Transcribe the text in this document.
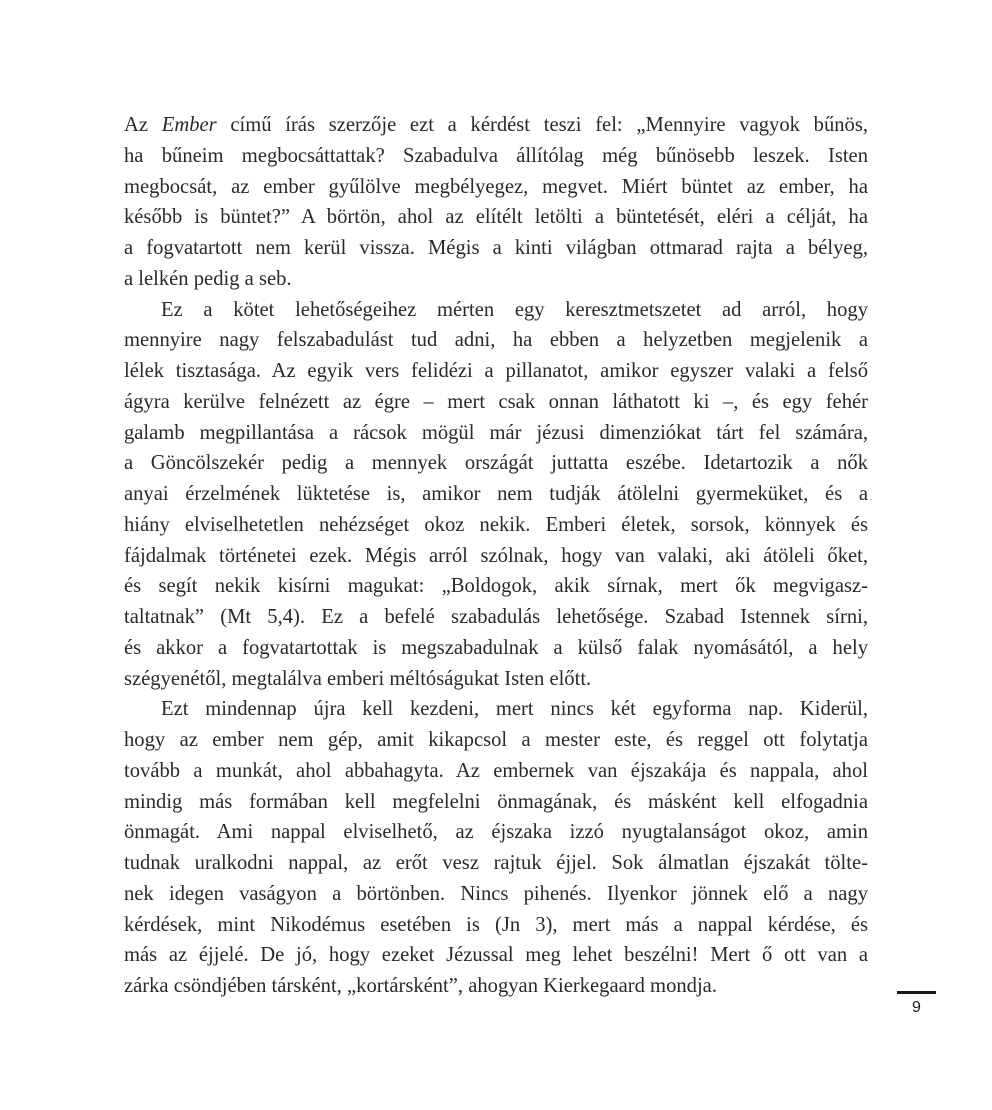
Az Ember című írás szerzője ezt a kérdést teszi fel: „Mennyire vagyok bűnös,
ha bűneim megbocsáttattak? Szabadulva állítólag még bűnösebb leszek. Isten
megbocsát, az ember gyűlölve megbélyegez, megvet. Miért büntet az ember, ha
később is büntet?” A börtön, ahol az elítélt letölti a büntetését, eléri a célját, ha
a fogvatartott nem kerül vissza. Mégis a kinti világban ottmarad rajta a bélyeg,
a lelkén pedig a seb.
Ez a kötet lehetőségeihez mérten egy keresztmetszetet ad arról, hogy
mennyire nagy felszabadulást tud adni, ha ebben a helyzetben megjelenik a
lélek tisztasága. Az egyik vers felidézi a pillanatot, amikor egyszer valaki a felső
ágyra kerülve felnézett az égre – mert csak onnan láthatott ki –, és egy fehér
galamb megpillantása a rácsok mögül már jézusi dimenziókat tárt fel számára,
a Göncölszekér pedig a mennyek országát juttatta eszébe. Idetartozik a nők
anyai érzelmének lüktetése is, amikor nem tudják átölelni gyermeküket, és a
hiány elviselhetetlen nehézséget okoz nekik. Emberi életek, sorsok, könnyek és
fájdalmak történetei ezek. Mégis arról szólnak, hogy van valaki, aki átöleli őket,
és segít nekik kisírni magukat: „Boldogok, akik sírnak, mert ők megvigasz-
taltatnak” (Mt 5,4). Ez a befelé szabadulás lehetősége. Szabad Istennek sírni,
és akkor a fogvatartottak is megszabadulnak a külső falak nyomásától, a hely
szégyenétől, megtalálva emberi méltóságukat Isten előtt.
Ezt mindennap újra kell kezdeni, mert nincs két egyforma nap. Kiderül,
hogy az ember nem gép, amit kikapcsol a mester este, és reggel ott folytatja
tovább a munkát, ahol abbahagyta. Az embernek van éjszakája és nappala, ahol
mindig más formában kell megfelelni önmagának, és másként kell elfogadnia
önmagát. Ami nappal elviselhető, az éjszaka izzó nyugtalanságot okoz, amin
tudnak uralkodni nappal, az erőt vesz rajtuk éjjel. Sok álmatlan éjszakát tölte-
nek idegen vaságyon a börtönben. Nincs pihenés. Ilyenkor jönnek elő a nagy
kérdések, mint Nikodémus esetében is (Jn 3), mert más a nappal kérdése, és
más az éjjelé. De jó, hogy ezeket Jézussal meg lehet beszélni! Mert ő ott van a
zárka csöndjében társként, „kortársként”, ahogyan Kierkegaard mondja.
9
